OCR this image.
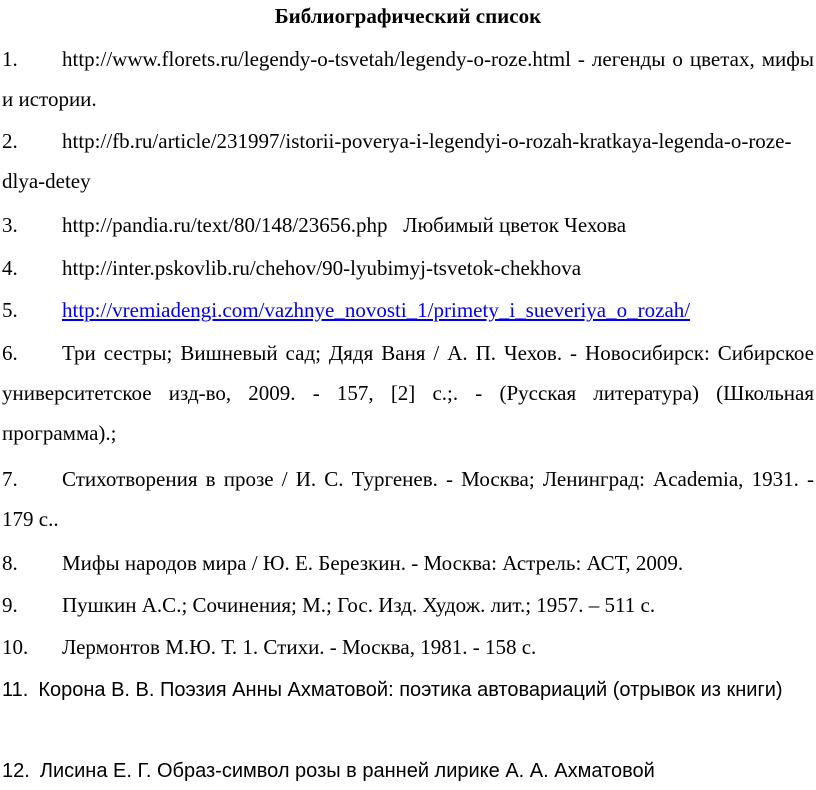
Библиографический список
1. http://www.florets.ru/legendy-o-tsvetah/legendy-o-roze.html - легенды о цветах, мифы и истории.
2. http://fb.ru/article/231997/istorii-poverya-i-legendyi-o-rozah-kratkaya-legenda-o-roze-dlya-detey
3. http://pandia.ru/text/80/148/23656.php   Любимый цветок Чехова
4. http://inter.pskovlib.ru/chehov/90-lyubimyj-tsvetok-chekhova
5. http://vremiadengi.com/vazhnye_novosti_1/primety_i_sueveriya_o_rozah/
6. Три сестры; Вишневый сад; Дядя Ваня / А. П. Чехов. - Новосибирск: Сибирское университетское изд-во, 2009. - 157, [2] с.;. - (Русская литература) (Школьная программа).;
7. Стихотворения в прозе / И. С. Тургенев. - Москва; Ленинград: Academia, 1931. - 179 с..
8. Мифы народов мира / Ю. Е. Березкин. - Москва: Астрель: АСТ, 2009.
9. Пушкин А.С.; Сочинения; М.; Гос. Изд. Худож. лит.; 1957. – 511 с.
10. Лермонтов М.Ю. Т. 1. Стихи. - Москва, 1981. - 158 с.
11. Корона В. В. Поэзия Анны Ахматовой: поэтика автовариаций (отрывок из книги)
12. Лисина Е. Г. Образ-символ розы в ранней лирике А. А. Ахматовой
